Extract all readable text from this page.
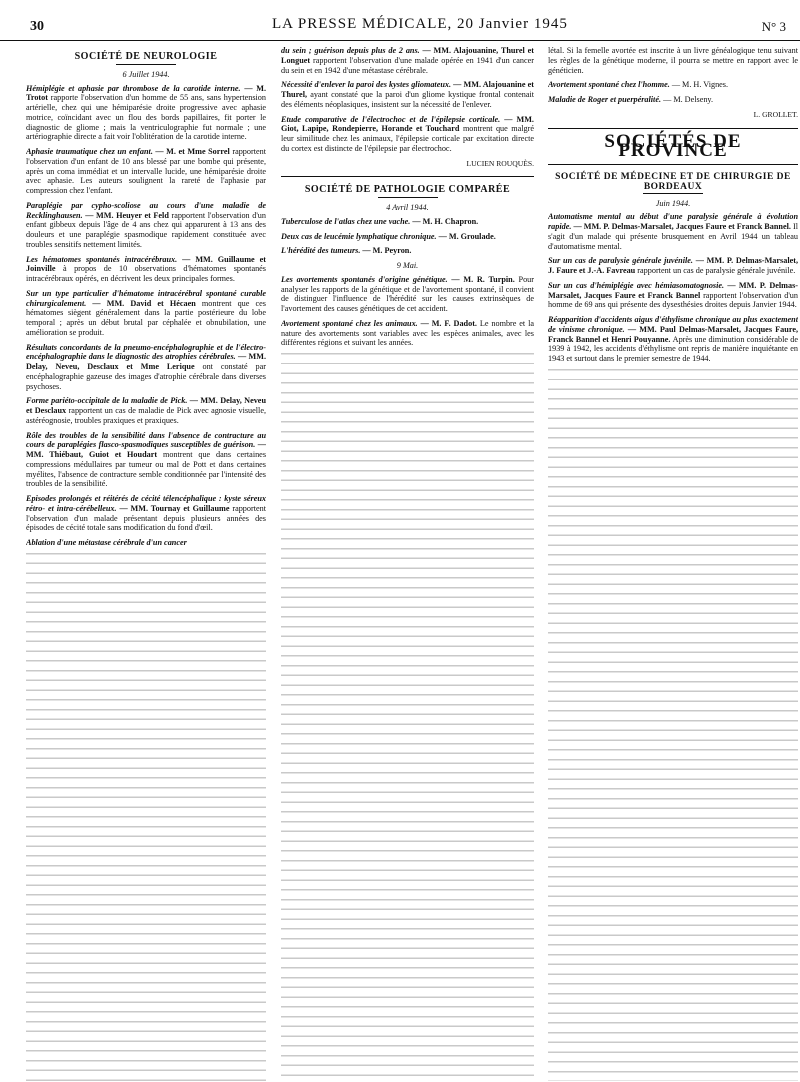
30	LA PRESSE MÉDICALE, 20 Janvier 1945	N° 3
SOCIÉTÉ DE NEUROLOGIE
6 Juillet 1944.
Hémiplégie et aphasie par thrombose de la carotide interne. — M. Trotot rapporte l'observation d'un homme de 55 ans, sans hypertension artérielle, chez qui une hémiparésie droite progressive avec aphasie motrice, coïncidant avec un flou des bords papillaires, fit porter le diagnostic de gliome ; mais la ventriculographie fut normale ; une artériographie directe a fait voir l'oblitération de la carotide interne.
Aphasie traumatique chez un enfant. — M. et Mme Sorrel rapportent l'observation d'un enfant de 10 ans blessé par une bombe qui présente, après un coma immédiat et un intervalle lucide, une hémiparésie droite avec aphasie. Les auteurs soulignent la rareté de l'aphasie par compression chez l'enfant.
Paraplégie par cypho-scoliose au cours d'une maladie de Recklinghausen. — MM. Heuyer et Feld rapportent l'observation d'un enfant gibbeux depuis l'âge de 4 ans chez qui apparurent à 13 ans des douleurs et une paraplégie spasmodique rapidement constituée avec troubles sensitifs nettement limités.
Les hématomes spontanés intracérébraux. — MM. Guillaume et Joinville à propos de 10 observations d'hématomes spontanés intracérébraux opérés, en décrivent les deux principales formes.
Sur un type particulier d'hématome intracérébral spontané curable chirurgicalement. — MM. David et Hécaen montrent que ces hématomes siègent généralement dans la partie postérieure du lobe temporal ; après un début brutal par céphalée et obnubilation, une amélioration se produit.
Résultats concordants de la pneumo-encéphalographie et de l'électro-encéphalographie dans le diagnostic des atrophies cérébrales. — MM. Delay, Neveu, Desclaux et Mme Lerique ont constaté par encéphalographie gazeuse des images d'atrophie cérébrale dans diverses psychoses.
Forme pariéto-occipitale de la maladie de Pick. — MM. Delay, Neveu et Desclaux rapportent un cas de maladie de Pick avec agnosie visuelle, astéréognosie, troubles praxiques et praxiques.
Rôle des troubles de la sensibilité dans l'absence de contracture au cours de paraplégies flasco-spasmodiques susceptibles de guérison. — MM. Thiébaut, Guiot et Houdart montrent que dans certaines compressions médullaires par tumeur ou mal de Pott et dans certaines myélites, l'absence de contracture semble conditionnée par l'intensité des troubles de la sensibilité.
Episodes prolongés et réitérés de cécité télencéphalique : kyste séreux rétro- et intra-cérébelleux. — MM. Tournay et Guillaume rapportent l'observation d'un malade présentant depuis plusieurs années des épisodes de cécité totale sans modification du fond d'œil.
Ablation d'une métastase cérébrale d'un cancer
du sein ; guérison depuis plus de 2 ans. — MM. Alajouanine, Thurel et Longuet rapportent l'observation d'une malade opérée en 1941 d'un cancer du sein et en 1942 d'une métastase cérébrale.
Nécessité d'enlever la paroi des kystes gliomateux. — MM. Alajouanine et Thurel, ayant constaté que la paroi d'un gliome kystique frontal contenait des éléments néoplasiques, insistent sur la nécessité de l'enlever.
Etude comparative de l'électrochoc et de l'épilepsie corticale. — MM. Giot, Lapipe, Rondepierre, Horande et Touchard montrent que malgré leur similitude chez les animaux, l'épilepsie corticale par excitation directe du cortex est distincte de l'épilepsie par électrochoc.
LUCIEN ROUQUÈS.
SOCIÉTÉ DE PATHOLOGIE COMPARÉE
4 Avril 1944.
Tuberculose de l'atlas chez une vache. — M. H. Chapron.
Deux cas de leucémie lymphatique chronique. — M. Groulade.
L'hérédité des tumeurs. — M. Peyron.
9 Mai.
Les avortements spontanés d'origine génétique. — M. R. Turpin. Pour analyser les rapports de la génétique et de l'avortement spontané, il convient de distinguer l'influence de l'hérédité sur les causes extrinsèques de l'avortement des causes génétiques de cet accident.
Avortement spontané chez les animaux. — M. F. Dadot. Le nombre et la nature des avortements sont variables avec les espèces animales, avec les différentes régions et suivant les années.
létal. Si la femelle avortée est inscrite à un livre généalogique tenu suivant les règles de la génétique moderne, il pourra se mettre en rapport avec le généticien.
Avortement spontané chez l'homme. — M. H. Vignes.
Maladie de Roger et puerpéralité. — M. Delseny.
L. GROLLET.
SOCIÉTÉS DE PROVINCE
SOCIÉTÉ DE MÉDECINE ET DE CHIRURGIE DE BORDEAUX
Juin 1944.
Automatisme mental au début d'une paralysie générale à évolution rapide. — MM. P. Delmas-Marsalet, Jacques Faure et Franck Bannel. Il s'agit d'un malade qui présente brusquement en Avril 1944 un tableau d'automatisme mental.
Sur un cas de paralysie générale juvénile. — MM. P. Delmas-Marsalet, J. Faure et J.-A. Favreau rapportent un cas de paralysie générale juvénile.
Sur un cas d'hémiplégie avec hémiasomatognosie. — MM. P. Delmas-Marsalet, Jacques Faure et Franck Bannel rapportent l'observation d'un homme de 69 ans qui présente des dysesthésies droites depuis Janvier 1944.
Réapparition d'accidents aigus d'éthylisme chronique au plus exactement de vinisme chronique. — MM. Paul Delmas-Marsalet, Jacques Faure, Franck Bannel et Henri Pouyanne. Après une diminution considérable de 1939 à 1942, les accidents d'éthylisme ont repris de manière inquiétante en 1943 et surtout dans le premier semestre de 1944.
